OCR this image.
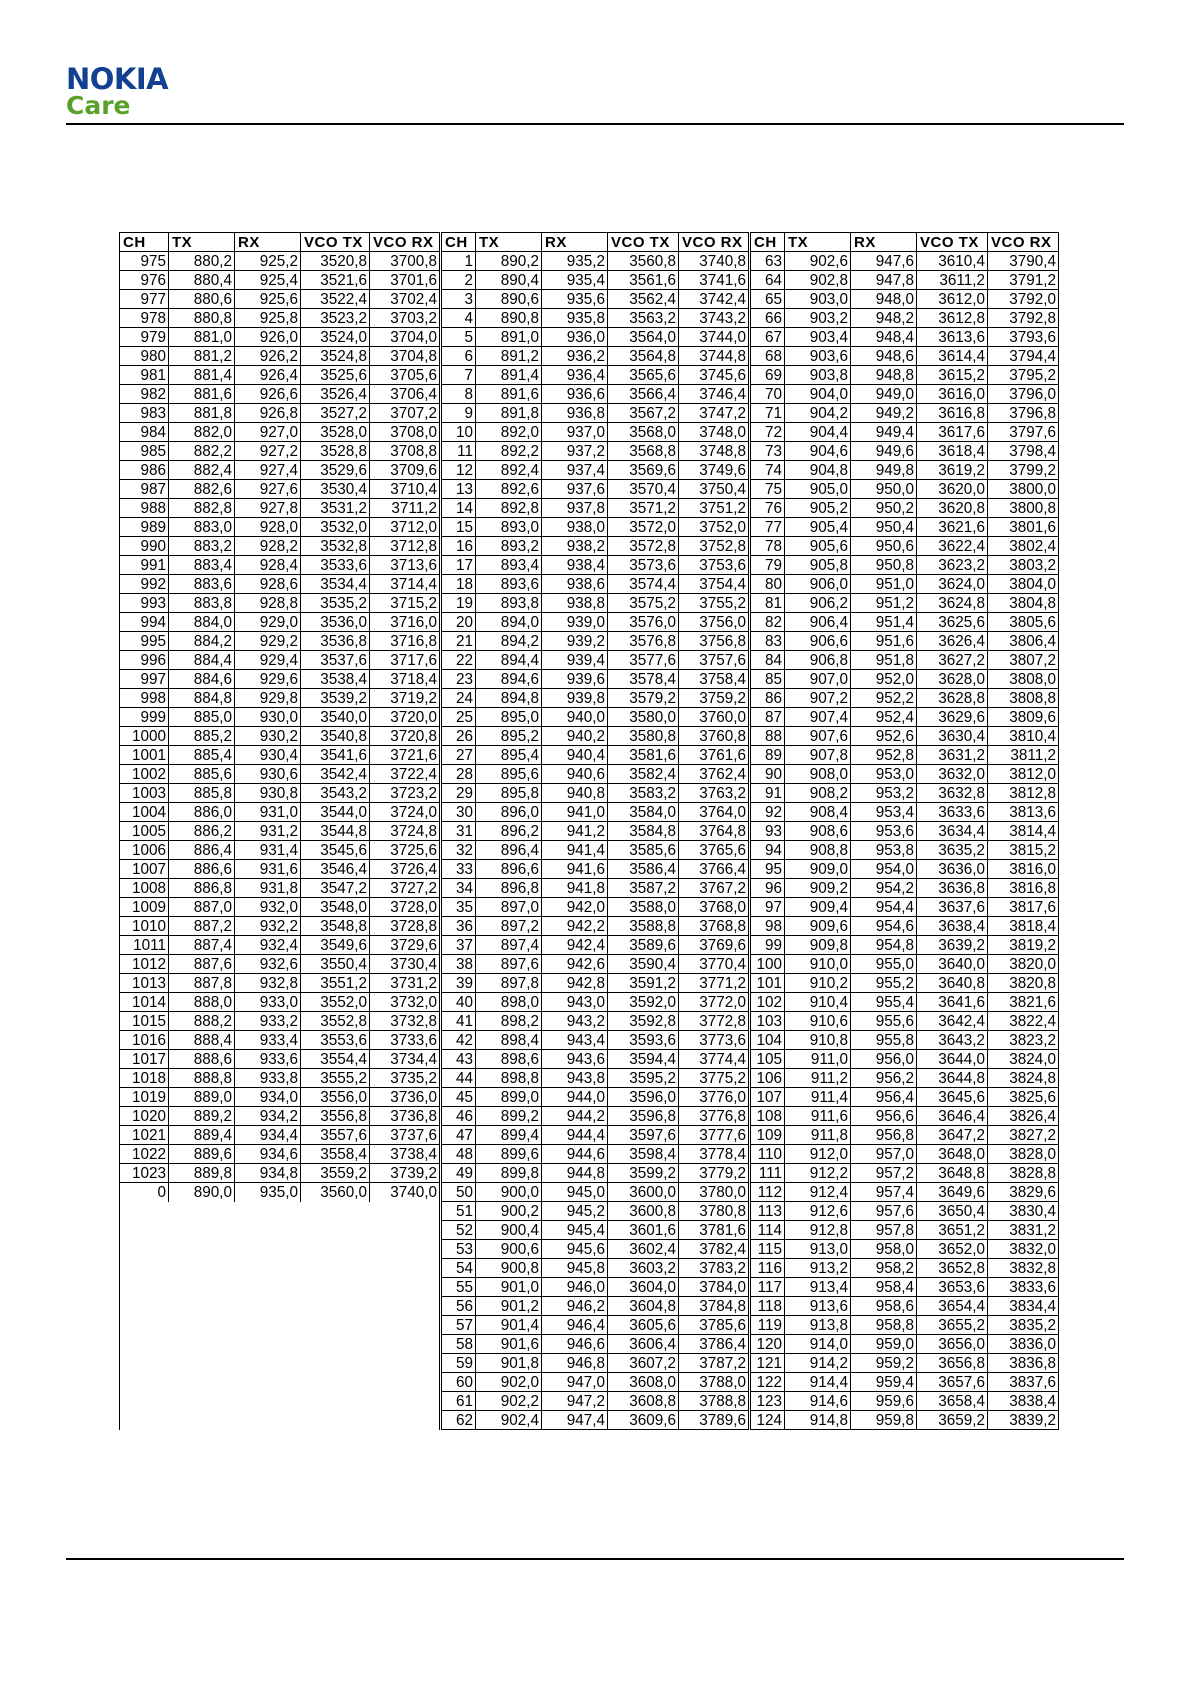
NOKIA
Care
CH	TX	RX	VCO TX	VCO RX	CH	TX	RX	VCO TX	VCO RX	CH	TX	RX	VCO TX	VCO RX
975	880,2	925,2	3520,8	3700,8	1	890,2	935,2	3560,8	3740,8	63	902,6	947,6	3610,4	3790,4
976	880,4	925,4	3521,6	3701,6	2	890,4	935,4	3561,6	3741,6	64	902,8	947,8	3611,2	3791,2
977	880,6	925,6	3522,4	3702,4	3	890,6	935,6	3562,4	3742,4	65	903,0	948,0	3612,0	3792,0
978	880,8	925,8	3523,2	3703,2	4	890,8	935,8	3563,2	3743,2	66	903,2	948,2	3612,8	3792,8
979	881,0	926,0	3524,0	3704,0	5	891,0	936,0	3564,0	3744,0	67	903,4	948,4	3613,6	3793,6
980	881,2	926,2	3524,8	3704,8	6	891,2	936,2	3564,8	3744,8	68	903,6	948,6	3614,4	3794,4
981	881,4	926,4	3525,6	3705,6	7	891,4	936,4	3565,6	3745,6	69	903,8	948,8	3615,2	3795,2
982	881,6	926,6	3526,4	3706,4	8	891,6	936,6	3566,4	3746,4	70	904,0	949,0	3616,0	3796,0
983	881,8	926,8	3527,2	3707,2	9	891,8	936,8	3567,2	3747,2	71	904,2	949,2	3616,8	3796,8
984	882,0	927,0	3528,0	3708,0	10	892,0	937,0	3568,0	3748,0	72	904,4	949,4	3617,6	3797,6
985	882,2	927,2	3528,8	3708,8	11	892,2	937,2	3568,8	3748,8	73	904,6	949,6	3618,4	3798,4
986	882,4	927,4	3529,6	3709,6	12	892,4	937,4	3569,6	3749,6	74	904,8	949,8	3619,2	3799,2
987	882,6	927,6	3530,4	3710,4	13	892,6	937,6	3570,4	3750,4	75	905,0	950,0	3620,0	3800,0
988	882,8	927,8	3531,2	3711,2	14	892,8	937,8	3571,2	3751,2	76	905,2	950,2	3620,8	3800,8
989	883,0	928,0	3532,0	3712,0	15	893,0	938,0	3572,0	3752,0	77	905,4	950,4	3621,6	3801,6
990	883,2	928,2	3532,8	3712,8	16	893,2	938,2	3572,8	3752,8	78	905,6	950,6	3622,4	3802,4
991	883,4	928,4	3533,6	3713,6	17	893,4	938,4	3573,6	3753,6	79	905,8	950,8	3623,2	3803,2
992	883,6	928,6	3534,4	3714,4	18	893,6	938,6	3574,4	3754,4	80	906,0	951,0	3624,0	3804,0
993	883,8	928,8	3535,2	3715,2	19	893,8	938,8	3575,2	3755,2	81	906,2	951,2	3624,8	3804,8
994	884,0	929,0	3536,0	3716,0	20	894,0	939,0	3576,0	3756,0	82	906,4	951,4	3625,6	3805,6
995	884,2	929,2	3536,8	3716,8	21	894,2	939,2	3576,8	3756,8	83	906,6	951,6	3626,4	3806,4
996	884,4	929,4	3537,6	3717,6	22	894,4	939,4	3577,6	3757,6	84	906,8	951,8	3627,2	3807,2
997	884,6	929,6	3538,4	3718,4	23	894,6	939,6	3578,4	3758,4	85	907,0	952,0	3628,0	3808,0
998	884,8	929,8	3539,2	3719,2	24	894,8	939,8	3579,2	3759,2	86	907,2	952,2	3628,8	3808,8
999	885,0	930,0	3540,0	3720,0	25	895,0	940,0	3580,0	3760,0	87	907,4	952,4	3629,6	3809,6
1000	885,2	930,2	3540,8	3720,8	26	895,2	940,2	3580,8	3760,8	88	907,6	952,6	3630,4	3810,4
1001	885,4	930,4	3541,6	3721,6	27	895,4	940,4	3581,6	3761,6	89	907,8	952,8	3631,2	3811,2
1002	885,6	930,6	3542,4	3722,4	28	895,6	940,6	3582,4	3762,4	90	908,0	953,0	3632,0	3812,0
1003	885,8	930,8	3543,2	3723,2	29	895,8	940,8	3583,2	3763,2	91	908,2	953,2	3632,8	3812,8
1004	886,0	931,0	3544,0	3724,0	30	896,0	941,0	3584,0	3764,0	92	908,4	953,4	3633,6	3813,6
1005	886,2	931,2	3544,8	3724,8	31	896,2	941,2	3584,8	3764,8	93	908,6	953,6	3634,4	3814,4
1006	886,4	931,4	3545,6	3725,6	32	896,4	941,4	3585,6	3765,6	94	908,8	953,8	3635,2	3815,2
1007	886,6	931,6	3546,4	3726,4	33	896,6	941,6	3586,4	3766,4	95	909,0	954,0	3636,0	3816,0
1008	886,8	931,8	3547,2	3727,2	34	896,8	941,8	3587,2	3767,2	96	909,2	954,2	3636,8	3816,8
1009	887,0	932,0	3548,0	3728,0	35	897,0	942,0	3588,0	3768,0	97	909,4	954,4	3637,6	3817,6
1010	887,2	932,2	3548,8	3728,8	36	897,2	942,2	3588,8	3768,8	98	909,6	954,6	3638,4	3818,4
1011	887,4	932,4	3549,6	3729,6	37	897,4	942,4	3589,6	3769,6	99	909,8	954,8	3639,2	3819,2
1012	887,6	932,6	3550,4	3730,4	38	897,6	942,6	3590,4	3770,4	100	910,0	955,0	3640,0	3820,0
1013	887,8	932,8	3551,2	3731,2	39	897,8	942,8	3591,2	3771,2	101	910,2	955,2	3640,8	3820,8
1014	888,0	933,0	3552,0	3732,0	40	898,0	943,0	3592,0	3772,0	102	910,4	955,4	3641,6	3821,6
1015	888,2	933,2	3552,8	3732,8	41	898,2	943,2	3592,8	3772,8	103	910,6	955,6	3642,4	3822,4
1016	888,4	933,4	3553,6	3733,6	42	898,4	943,4	3593,6	3773,6	104	910,8	955,8	3643,2	3823,2
1017	888,6	933,6	3554,4	3734,4	43	898,6	943,6	3594,4	3774,4	105	911,0	956,0	3644,0	3824,0
1018	888,8	933,8	3555,2	3735,2	44	898,8	943,8	3595,2	3775,2	106	911,2	956,2	3644,8	3824,8
1019	889,0	934,0	3556,0	3736,0	45	899,0	944,0	3596,0	3776,0	107	911,4	956,4	3645,6	3825,6
1020	889,2	934,2	3556,8	3736,8	46	899,2	944,2	3596,8	3776,8	108	911,6	956,6	3646,4	3826,4
1021	889,4	934,4	3557,6	3737,6	47	899,4	944,4	3597,6	3777,6	109	911,8	956,8	3647,2	3827,2
1022	889,6	934,6	3558,4	3738,4	48	899,6	944,6	3598,4	3778,4	110	912,0	957,0	3648,0	3828,0
1023	889,8	934,8	3559,2	3739,2	49	899,8	944,8	3599,2	3779,2	111	912,2	957,2	3648,8	3828,8
0	890,0	935,0	3560,0	3740,0	50	900,0	945,0	3600,0	3780,0	112	912,4	957,4	3649,6	3829,6
					51	900,2	945,2	3600,8	3780,8	113	912,6	957,6	3650,4	3830,4
					52	900,4	945,4	3601,6	3781,6	114	912,8	957,8	3651,2	3831,2
					53	900,6	945,6	3602,4	3782,4	115	913,0	958,0	3652,0	3832,0
					54	900,8	945,8	3603,2	3783,2	116	913,2	958,2	3652,8	3832,8
					55	901,0	946,0	3604,0	3784,0	117	913,4	958,4	3653,6	3833,6
					56	901,2	946,2	3604,8	3784,8	118	913,6	958,6	3654,4	3834,4
					57	901,4	946,4	3605,6	3785,6	119	913,8	958,8	3655,2	3835,2
					58	901,6	946,6	3606,4	3786,4	120	914,0	959,0	3656,0	3836,0
					59	901,8	946,8	3607,2	3787,2	121	914,2	959,2	3656,8	3836,8
					60	902,0	947,0	3608,0	3788,0	122	914,4	959,4	3657,6	3837,6
					61	902,2	947,2	3608,8	3788,8	123	914,6	959,6	3658,4	3838,4
					62	902,4	947,4	3609,6	3789,6	124	914,8	959,8	3659,2	3839,2
